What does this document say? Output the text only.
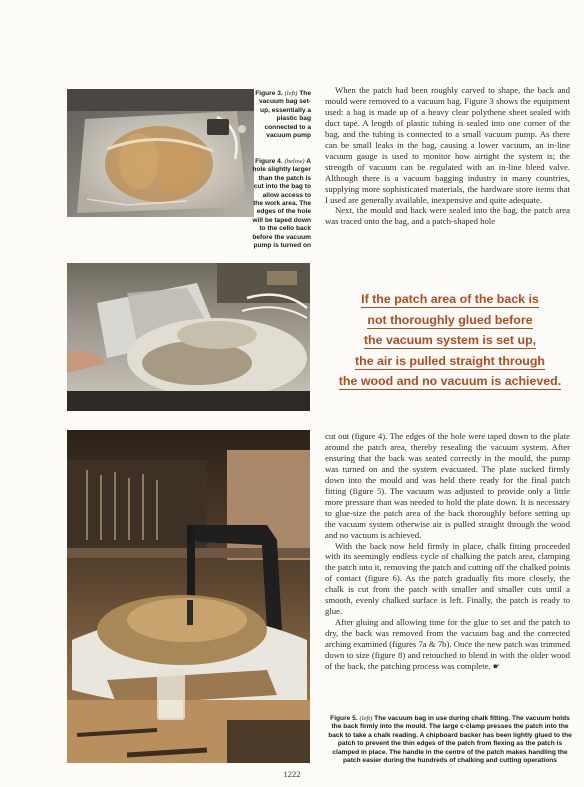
Figure 3. (left) The vacuum bag set-up, essentially a plastic bag connected to a vacuum pump
Figure 4. (below) A hole slightly larger than the patch is cut into the bag to allow access to the work area. The edges of the hole will be taped down to the cello back before the vacuum pump is turned on

When the patch had been roughly carved to shape, the back and mould were removed to a vacuum bag. Figure 3 shows the equipment used: a bag is made up of a heavy clear polythene sheet sealed with duct tape. A length of plastic tubing is sealed into one corner of the bag, and the tubing is connected to a small vacuum pump. As there can be small leaks in the bag, causing a lower vacuum, an in-line vacuum gauge is used to monitor how airtight the system is; the strength of vacuum can be regulated with an in-line bleed valve. Although there is a vacuum bagging industry in many countries, supplying more sophisticated materials, the hardware store items that I used are generally available, inexpensive and quite adequate.

Next, the mould and back were sealed into the bag, the patch area was traced onto the bag, and a patch-shaped hole

If the patch area of the back is
not thoroughly glued before
the vacuum system is set up,
the air is pulled straight through
the wood and no vacuum is achieved.

cut out (figure 4). The edges of the hole were taped down to the plate around the patch area, thereby resealing the vacuum system. After ensuring that the back was seated correctly in the mould, the pump was turned on and the system evacuated. The plate sucked firmly down into the mould and was held there ready for the final patch fitting (figure 5). The vacuum was adjusted to provide only a little more pressure than was needed to hold the plate down. It is necessary to glue-size the patch area of the back thoroughly before setting up the vacuum system otherwise air is pulled straight through the wood and no vacuum is achieved.

With the back now held firmly in place, chalk fitting proceeded with its seemingly endless cycle of chalking the patch area, clamping the patch into it, removing the patch and cutting off the chalked points of contact (figure 6). As the patch gradually fits more closely, the chalk is cut from the patch with smaller and smaller cuts until a smooth, evenly chalked surface is left. Finally, the patch is ready to glue.

After gluing and allowing time for the glue to set and the patch to dry, the back was removed from the vacuum bag and the corrected arching examined (figures 7a & 7b). Once the new patch was trimmed down to size (figure 8) and retouched to blend in with the older wood of the back, the patching process was complete. ☛

Figure 5. (left) The vacuum bag in use during chalk fitting. The vacuum holds the back firmly into the mould. The large c-clamp presses the patch into the back to take a chalk reading. A chipboard backer has been lightly glued to the patch to prevent the thin edges of the patch from flexing as the patch is clamped in place. The handle in the centre of the patch makes handling the patch easier during the hundreds of chalking and cutting operations
1222
